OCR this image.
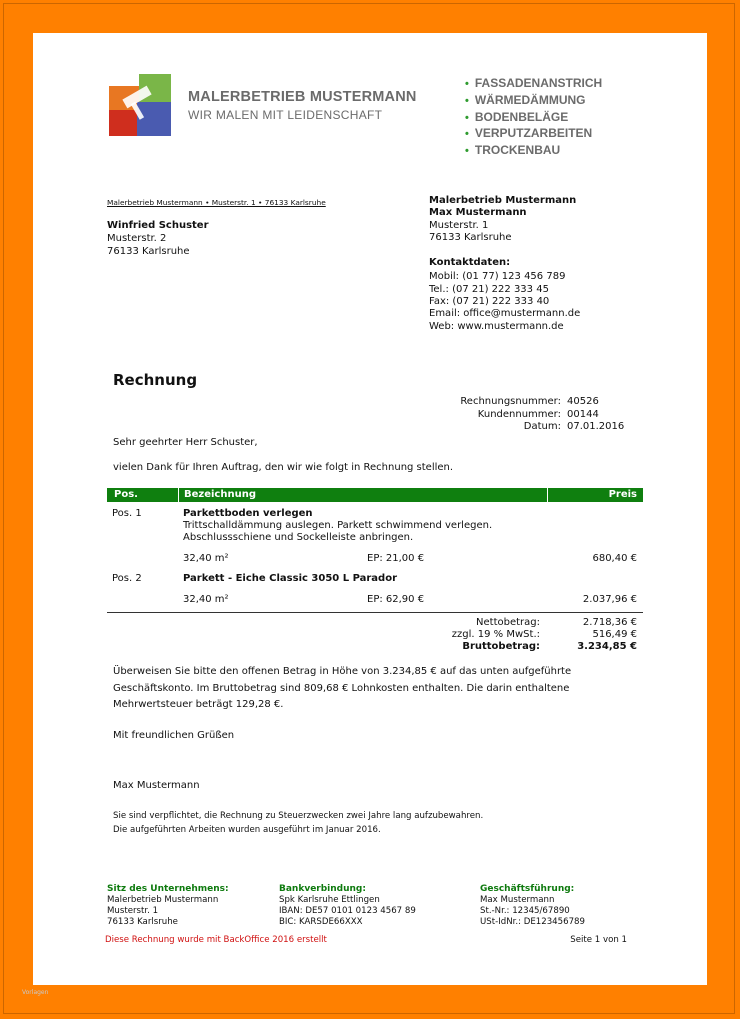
MALERBETRIEB MUSTERMANN
WIR MALEN MIT LEIDENSCHAFT
• FASSADENANSTRICH
• WÄRMEDÄMMUNG
• BODENBELÄGE
• VERPUTZARBEITEN
• TROCKENBAU
Malerbetrieb Mustermann • Musterstr. 1 • 76133 Karlsruhe
Winfried Schuster
Musterstr. 2
76133 Karlsruhe
Malerbetrieb Mustermann
Max Mustermann
Musterstr. 1
76133 Karlsruhe
Kontaktdaten:
Mobil: (01 77) 123 456 789
Tel.: (07 21) 222 333 45
Fax: (07 21) 222 333 40
Email: office@mustermann.de
Web: www.mustermann.de
Rechnung
Rechnungsnummer: 40526
Kundennummer: 00144
Datum: 07.01.2016
Sehr geehrter Herr Schuster,
vielen Dank für Ihren Auftrag, den wir wie folgt in Rechnung stellen.
Pos.	Bezeichnung	Preis
Pos. 1	Parkettboden verlegen
Trittschalldämmung auslegen. Parkett schwimmend verlegen.
Abschlussschiene und Sockelleiste anbringen.
32,40 m²	EP: 21,00 €	680,40 €
Pos. 2	Parkett - Eiche Classic 3050 L Parador
32,40 m²	EP: 62,90 €	2.037,96 €
Nettobetrag:	2.718,36 €
zzgl. 19 % MwSt.:	516,49 €
Bruttobetrag:	3.234,85 €
Überweisen Sie bitte den offenen Betrag in Höhe von 3.234,85 € auf das unten aufgeführte
Geschäftskonto. Im Bruttobetrag sind 809,68 € Lohnkosten enthalten. Die darin enthaltene
Mehrwertsteuer beträgt 129,28 €.
Mit freundlichen Grüßen
Max Mustermann
Sie sind verpflichtet, die Rechnung zu Steuerzwecken zwei Jahre lang aufzubewahren.
Die aufgeführten Arbeiten wurden ausgeführt im Januar 2016.
Sitz des Unternehmens:
Malerbetrieb Mustermann
Musterstr. 1
76133 Karlsruhe
Bankverbindung:
Spk Karlsruhe Ettlingen
IBAN: DE57 0101 0123 4567 89
BIC: KARSDE66XXX
Geschäftsführung:
Max Mustermann
St.-Nr.: 12345/67890
USt-IdNr.: DE123456789
Diese Rechnung wurde mit BackOffice 2016 erstellt	Seite 1 von 1
Vorlagen
